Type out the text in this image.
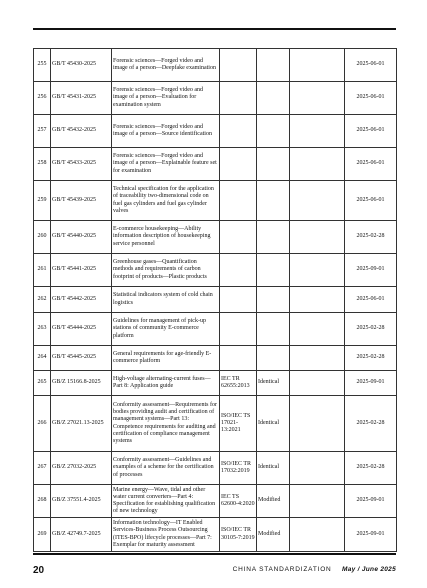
255	GB/T 45430-2025	Forensic sciences—Forged video and image of a person—Deepfake examination				2025-06-01
256	GB/T 45431-2025	Forensic sciences—Forged video and image of a person—Evaluation for examination system				2025-06-01
257	GB/T 45432-2025	Forensic sciences—Forged video and image of a person—Source identification				2025-06-01
258	GB/T 45433-2025	Forensic sciences—Forged video and image of a person—Explainable feature set for examination				2025-06-01
259	GB/T 45439-2025	Technical specification for the application of traceability two-dimensional code on fuel gas cylinders and fuel gas cylinder valves				2025-06-01
260	GB/T 45440-2025	E-commerce housekeeping—Ability information description of housekeeping service personnel				2025-02-28
261	GB/T 45441-2025	Greenhouse gases—Quantification methods and requirements of carbon footprint of products—Plastic products				2025-09-01
262	GB/T 45442-2025	Statistical indicators system of cold chain logistics				2025-06-01
263	GB/T 45444-2025	Guidelines for management of pick-up stations of community E-commerce platform				2025-02-28
264	GB/T 45445-2025	General requirements for age-friendly E-commerce platform				2025-02-28
265	GB/Z 15166.8-2025	High-voltage alternating-current fuses—Part 8: Application guide	IEC TR 62655:2013	Identical		2025-09-01
266	GB/Z 27021.13-2025	Conformity assessment—Requirements for bodies providing audit and certification of management systems—Part 13: Competence requirements for auditing and certification of compliance management systems	ISO/IEC TS 17021-13:2021	Identical		2025-02-28
267	GB/Z 27032-2025	Conformity assessment—Guidelines and examples of a scheme for the certification of processes	ISO/IEC TR 17032:2019	Identical		2025-02-28
268	GB/Z 37551.4-2025	Marine energy—Wave, tidal and other water current converters—Part 4: Specification for establishing qualification of new technology	IEC TS 62600-4:2020	Modified		2025-09-01
269	GB/Z 42749.7-2025	Information technology—IT Enabled Services-Business Process Outsourcing (ITES-BPO) lifecycle processes—Part 7: Exemplar for maturity assessment	ISO/IEC TR 30105-7:2019	Modified		2025-09-01
20	CHINA STANDARDIZATION May / June 2025
